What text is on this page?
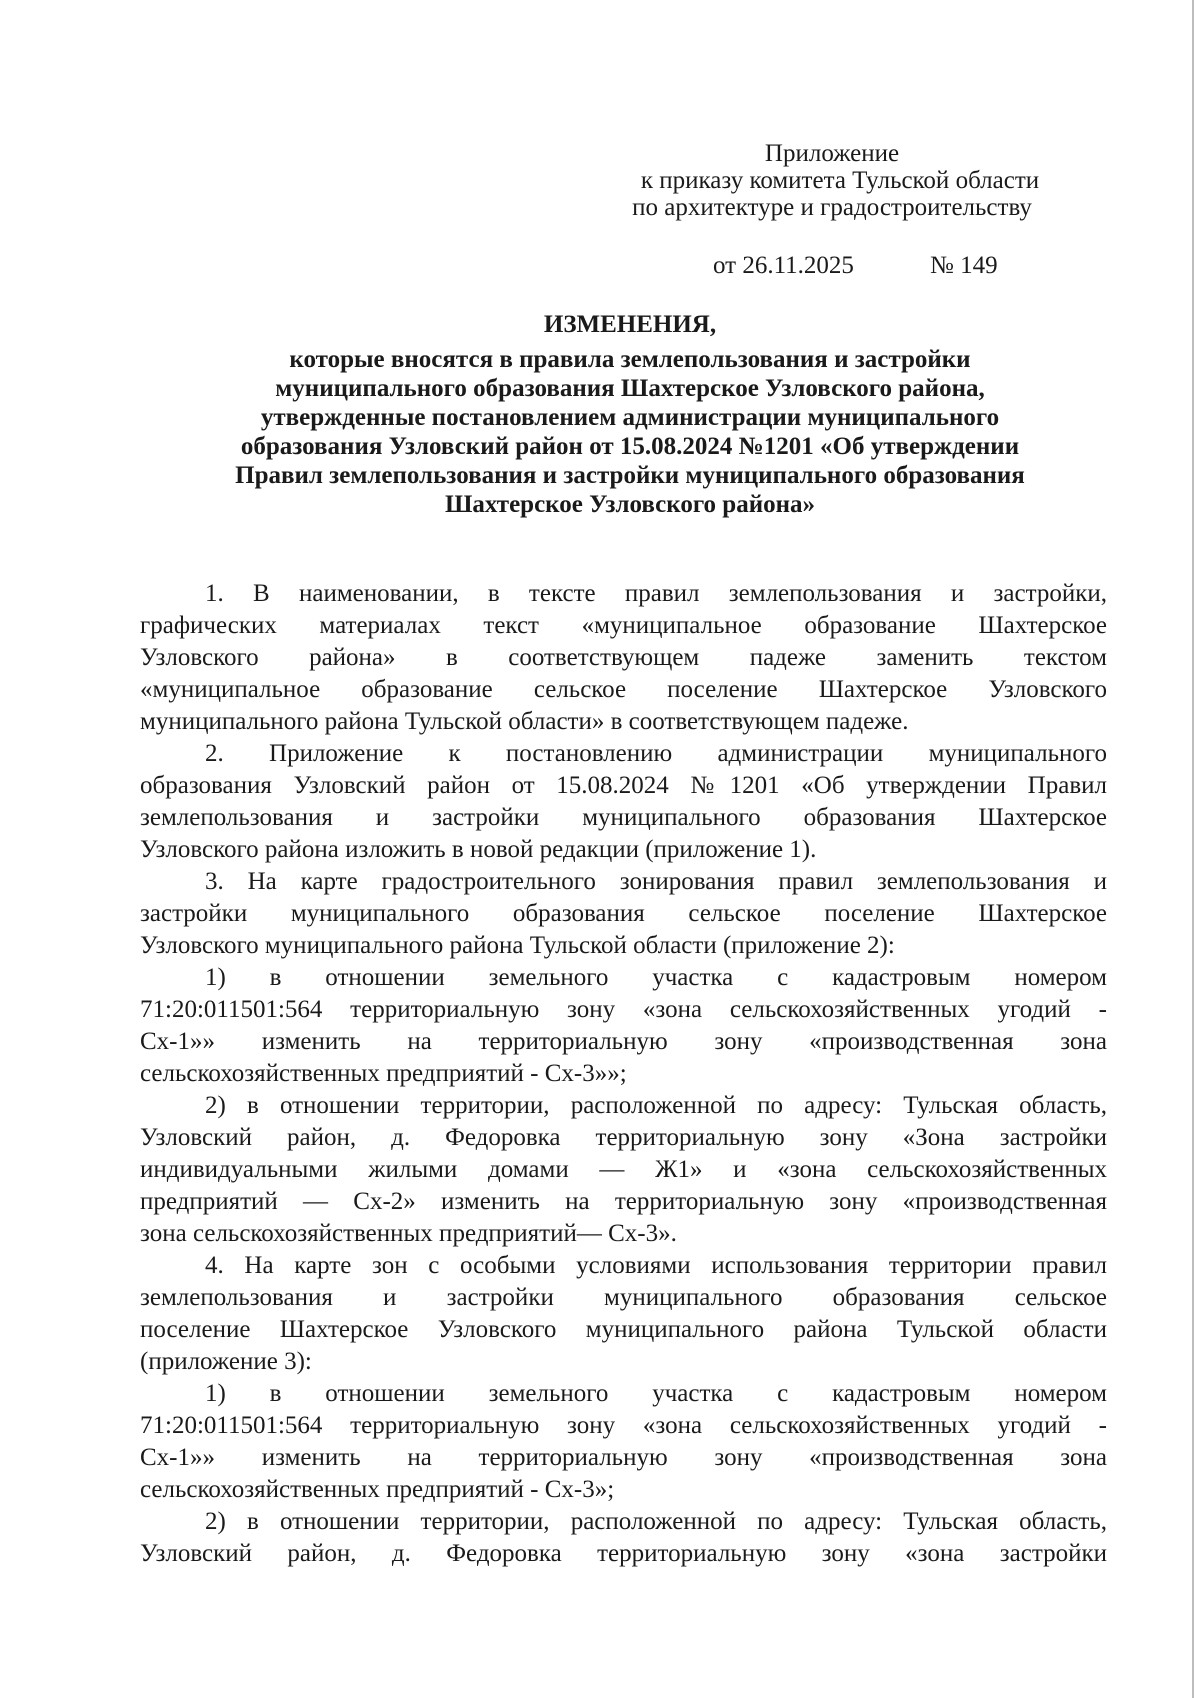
Приложение
к приказу комитета Тульской области
по архитектуре и градостроительству
от 26.11.2025	№ 149
ИЗМЕНЕНИЯ,
которые вносятся в правила землепользования и застройки
муниципального образования Шахтерское Узловского района,
утвержденные постановлением администрации муниципального
образования Узловский район от 15.08.2024 №1201 «Об утверждении
Правил землепользования и застройки муниципального образования
Шахтерское Узловского района»
1. В наименовании, в тексте правил землепользования и застройки,
графических материалах текст «муниципальное образование Шахтерское
Узловского района» в соответствующем падеже заменить текстом
«муниципальное образование сельское поселение Шахтерское Узловского
муниципального района Тульской области» в соответствующем падеже.
2. Приложение к постановлению администрации муниципального
образования Узловский район от 15.08.2024 №1201 «Об утверждении Правил
землепользования и застройки муниципального образования Шахтерское
Узловского района изложить в новой редакции (приложение 1).
3. На карте градостроительного зонирования правил землепользования и
застройки муниципального образования сельское поселение Шахтерское
Узловского муниципального района Тульской области (приложение 2):
1) в отношении земельного участка с кадастровым номером
71:20:011501:564 территориальную зону «зона сельскохозяйственных угодий -
Сх-1»» изменить на территориальную зону «производственная зона
сельскохозяйственных предприятий - Сх-3»»;
2) в отношении территории, расположенной по адресу: Тульская область,
Узловский район, д. Федоровка территориальную зону «Зона застройки
индивидуальными жилыми домами — Ж1» и «зона сельскохозяйственных
предприятий — Сх-2» изменить на территориальную зону «производственная
зона сельскохозяйственных предприятий— Сх-3».
4. На карте зон с особыми условиями использования территории правил
землепользования и застройки муниципального образования сельское
поселение Шахтерское Узловского муниципального района Тульской области
(приложение 3):
1) в отношении земельного участка с кадастровым номером
71:20:011501:564 территориальную зону «зона сельскохозяйственных угодий -
Сх-1»» изменить на территориальную зону «производственная зона
сельскохозяйственных предприятий - Сх-3»;
2) в отношении территории, расположенной по адресу: Тульская область,
Узловский район, д. Федоровка территориальную зону «зона застройки
